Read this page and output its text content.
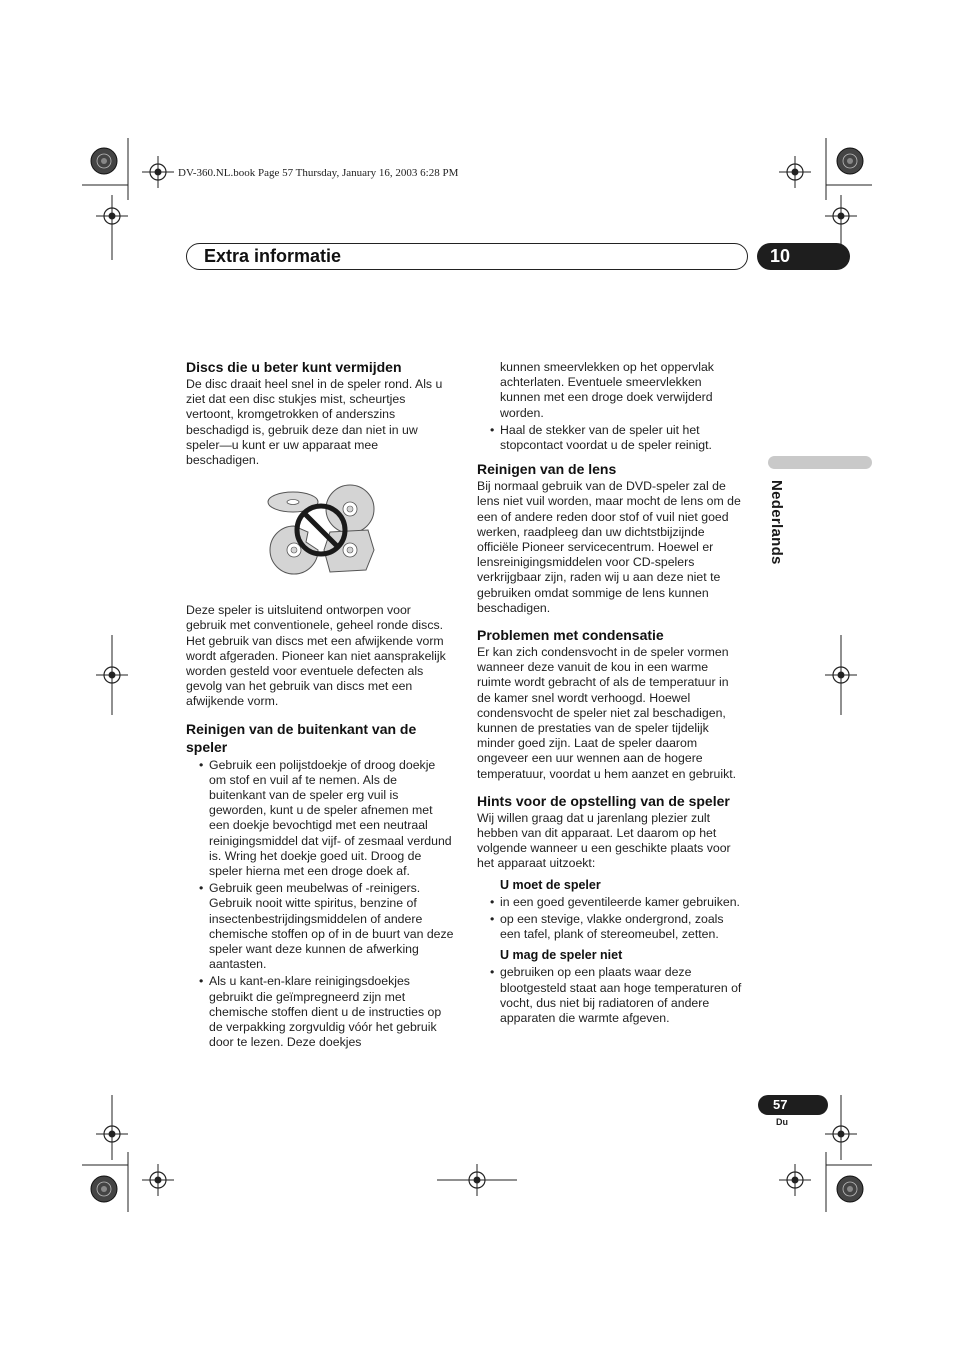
DV-360.NL.book Page 57 Thursday, January 16, 2003 6:28 PM
Extra informatie	10
Nederlands
Discs die u beter kunt vermijden

De disc draait heel snel in de speler rond. Als u ziet dat een disc stukjes mist, scheurtjes vertoont, kromgetrokken of anderszins beschadigd is, gebruik deze dan niet in uw speler—u kunt er uw apparaat mee beschadigen.

Deze speler is uitsluitend ontworpen voor gebruik met conventionele, geheel ronde discs. Het gebruik van discs met een afwijkende vorm wordt afgeraden. Pioneer kan niet aansprakelijk worden gesteld voor eventuele defecten als gevolg van het gebruik van discs met een afwijkende vorm.

Reinigen van de buitenkant van de speler
• Gebruik een polijstdoekje of droog doekje om stof en vuil af te nemen. Als de buitenkant van de speler erg vuil is geworden, kunt u de speler afnemen met een doekje bevochtigd met een neutraal reinigingsmiddel dat vijf- of zesmaal verdund is. Wring het doekje goed uit. Droog de speler hierna met een droge doek af.
• Gebruik geen meubelwas of -reinigers. Gebruik nooit witte spiritus, benzine of insectenbestrijdingsmiddelen of andere chemische stoffen op of in de buurt van deze speler want deze kunnen de afwerking aantasten.
• Als u kant-en-klare reinigingsdoekjes gebruikt die geïmpregneerd zijn met chemische stoffen dient u de instructies op de verpakking zorgvuldig vóór het gebruik door te lezen. Deze doekjes
kunnen smeervlekken op het oppervlak achterlaten. Eventuele smeervlekken kunnen met een droge doek verwijderd worden.
• Haal de stekker van de speler uit het stopcontact voordat u de speler reinigt.
Reinigen van de lens

Bij normaal gebruik van de DVD-speler zal de lens niet vuil worden, maar mocht de lens om de een of andere reden door stof of vuil niet goed werken, raadpleeg dan uw dichtstbijzijnde officiële Pioneer servicecentrum. Hoewel er lensreinigingsmiddelen voor CD-spelers verkrijgbaar zijn, raden wij u aan deze niet te gebruiken omdat sommige de lens kunnen beschadigen.

Problemen met condensatie

Er kan zich condensvocht in de speler vormen wanneer deze vanuit de kou in een warme ruimte wordt gebracht of als de temperatuur in de kamer snel wordt verhoogd. Hoewel condensvocht de speler niet zal beschadigen, kunnen de prestaties van de speler tijdelijk minder goed zijn. Laat de speler daarom ongeveer een uur wennen aan de hogere temperatuur, voordat u hem aanzet en gebruikt.

Hints voor de opstelling van de speler

Wij willen graag dat u jarenlang plezier zult hebben van dit apparaat. Let daarom op het volgende wanneer u een geschikte plaats voor het apparaat uitzoekt:

U moet de speler
• in een goed geventileerde kamer gebruiken.
• op een stevige, vlakke ondergrond, zoals een tafel, plank of stereomeubel, zetten.
U mag de speler niet
• gebruiken op een plaats waar deze blootgesteld staat aan hoge temperaturen of vocht, dus niet bij radiatoren of andere apparaten die warmte afgeven.
57
Du
